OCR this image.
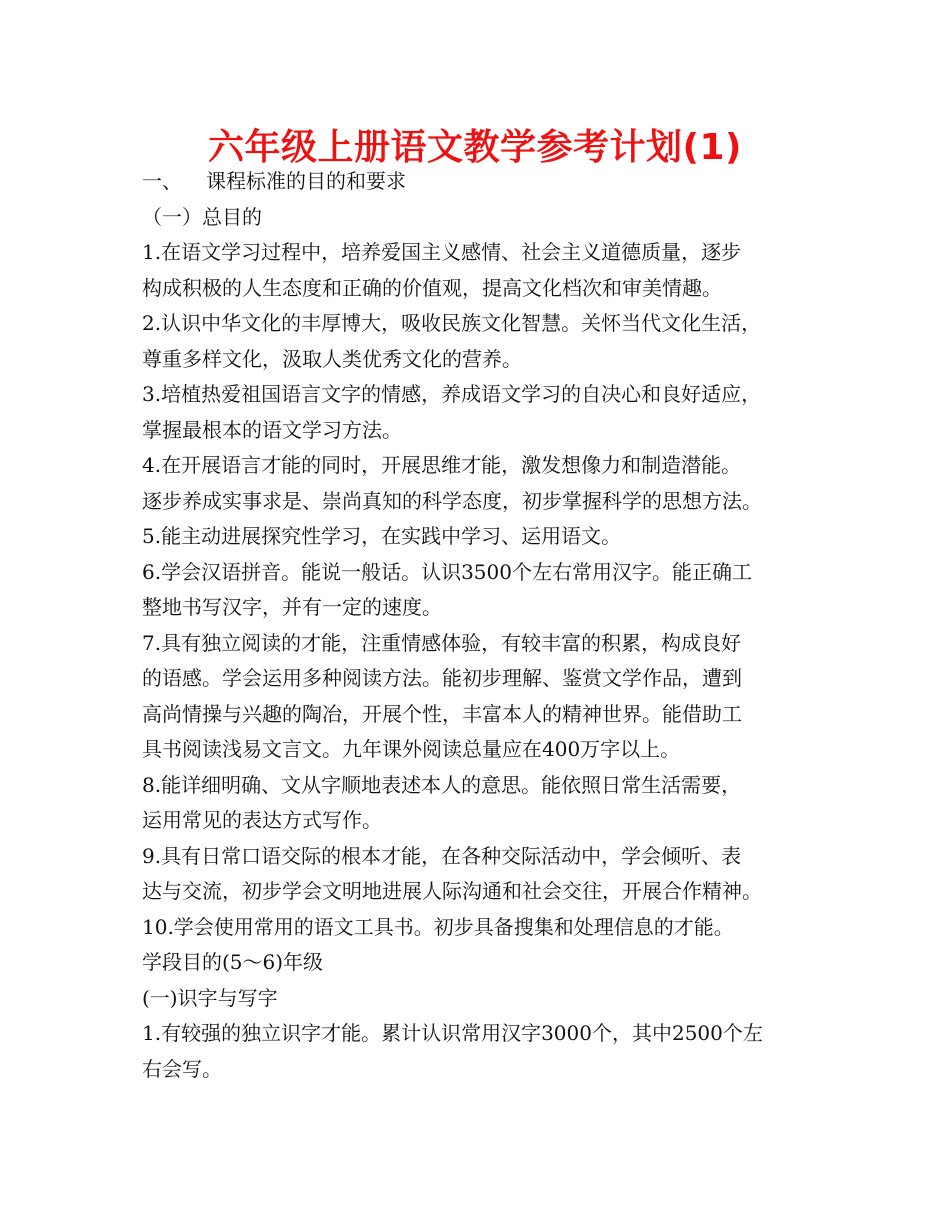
六年级上册语文教学参考计划(1)
一、	课程标准的目的和要求
（一）总目的
1.在语文学习过程中，培养爱国主义感情、社会主义道德质量，逐步
构成积极的人生态度和正确的价值观，提高文化档次和审美情趣。
2.认识中华文化的丰厚博大，吸收民族文化智慧。关怀当代文化生活，
尊重多样文化，汲取人类优秀文化的营养。
3.培植热爱祖国语言文字的情感，养成语文学习的自决心和良好适应，
掌握最根本的语文学习方法。
4.在开展语言才能的同时，开展思维才能，激发想像力和制造潜能。
逐步养成实事求是、崇尚真知的科学态度，初步掌握科学的思想方法。
5.能主动进展探究性学习，在实践中学习、运用语文。
6.学会汉语拼音。能说一般话。认识3500个左右常用汉字。能正确工
整地书写汉字，并有一定的速度。
7.具有独立阅读的才能，注重情感体验，有较丰富的积累，构成良好
的语感。学会运用多种阅读方法。能初步理解、鉴赏文学作品，遭到
高尚情操与兴趣的陶冶，开展个性，丰富本人的精神世界。能借助工
具书阅读浅易文言文。九年课外阅读总量应在400万字以上。
8.能详细明确、文从字顺地表述本人的意思。能依照日常生活需要，
运用常见的表达方式写作。
9.具有日常口语交际的根本才能，在各种交际活动中，学会倾听、表
达与交流，初步学会文明地进展人际沟通和社会交往，开展合作精神。
10.学会使用常用的语文工具书。初步具备搜集和处理信息的才能。
学段目的(5～6)年级
(一)识字与写字
1.有较强的独立识字才能。累计认识常用汉字3000个，其中2500个左
右会写。
